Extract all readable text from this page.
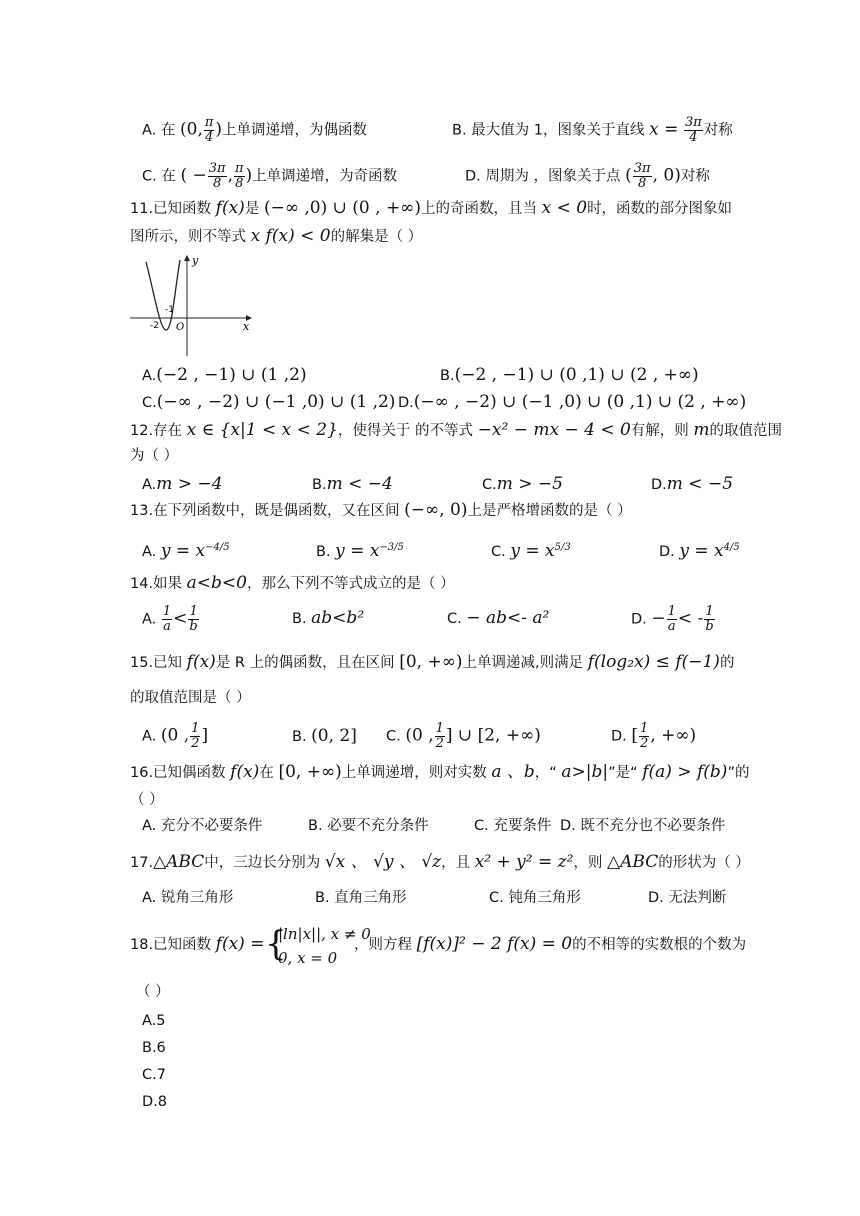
A. 在 (0, $\frac{\pi}{4}$ )上单调递增，为偶函数	B. 最大值为 1，图象关于直线 $x = \frac{3\pi}{4}$ 对称
C. 在 ( − $\frac{3\pi}{8}$ , $\frac{\pi}{8}$ )上单调递增，为奇函数	D. 周期为 ，图象关于点 ( $\frac{3\pi}{8}$ , 0)对称
11.已知函数 f(x)是 (−∞ ,0) ∪ (0 , +∞)上的奇函数，且当 x < 0时，函数的部分图象如
图所示，则不等式 x f(x) < 0的解集是（ ）
y
x
O
-2
-1
A.(−2 , −1) ∪ (1 ,2)	B.(−2 , −1) ∪ (0 ,1) ∪ (2 , +∞)
C.(−∞ , −2) ∪ (−1 ,0) ∪ (1 ,2) D.(−∞ , −2) ∪ (−1 ,0) ∪ (0 ,1) ∪ (2 , +∞)
12.存在 x ∈ {x|1 < x < 2}，使得关于 的不等式 −x² − mx − 4 < 0有解，则 m的取值范围
为（ ）
A.m > −4	B.m < −4	C.m > −5	D.m < −5
13.在下列函数中，既是偶函数，又在区间 (−∞, 0)上是严格增函数的是（ ）
A. $y = x^{-4/5}$	B. $y = x^{-3/5}$	C. $y = x^{5/3}$	D. $y = x^{4/5}$
14.如果 a<b<0，那么下列不等式成立的是（ ）
A. $\frac{1}{a} < \frac{1}{b}$	B. ab<b²	C. − ab<- a²	D. − $\frac{1}{a}$ < - $\frac{1}{b}$
15.已知 f(x)是 R 上的偶函数，且在区间 [0, +∞)上单调递减,则满足 f(log₂x) ≤ f(−1)的
的取值范围是（ ）
A. (0 , $\frac{1}{2}$ ]	B. (0, 2] C. (0 , $\frac{1}{2}$ ] ∪ [2, +∞)	D. [ $\frac{1}{2}$ , +∞)
16.已知偶函数 f(x)在 [0, +∞)上单调递增，则对实数 a 、b，“ a>|b|”是“ f(a) > f(b)”的
（ ）
A. 充分不必要条件	B. 必要不充分条件	C. 充要条件 D. 既不充分也不必要条件
17.△ABC中，三边长分别为 √x 、 √y 、 √z，且 x² + y² = z²，则 △ABC的形状为（ ）
A. 锐角三角形	B. 直角三角形	C. 钝角三角形	D. 无法判断
18.已知函数 f(x) = {
|ln|x||, x ≠ 0
0, x = 0
，则方程 [f(x)]² − 2 f(x) = 0的不相等的实数根的个数为
（ ）
A.5
B.6
C.7
D.8
